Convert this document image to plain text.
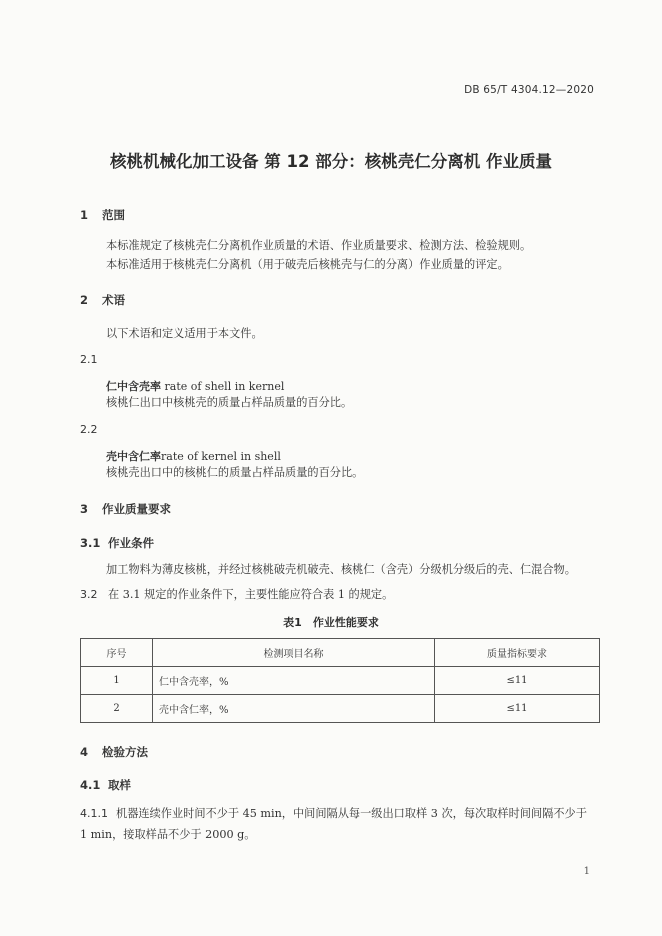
DB 65/T 4304.12—2020
核桃机械化加工设备 第 12 部分：核桃壳仁分离机 作业质量
1 范围
本标准规定了核桃壳仁分离机作业质量的术语、作业质量要求、检测方法、检验规则。
本标准适用于核桃壳仁分离机（用于破壳后核桃壳与仁的分离）作业质量的评定。
2 术语
以下术语和定义适用于本文件。
2.1
仁中含壳率 rate of shell in kernel
核桃仁出口中核桃壳的质量占样品质量的百分比。
2.2
壳中含仁率rate of kernel in shell
核桃壳出口中的核桃仁的质量占样品质量的百分比。
3 作业质量要求
3.1 作业条件
加工物料为薄皮核桃，并经过核桃破壳机破壳、核桃仁（含壳）分级机分级后的壳、仁混合物。
3.2 在 3.1 规定的作业条件下，主要性能应符合表 1 的规定。
表1　作业性能要求
序号	检测项目名称	质量指标要求
1	仁中含壳率，%	≤11
2	壳中含仁率，%	≤11
4 检验方法
4.1 取样
4.1.1 机器连续作业时间不少于 45 min，中间间隔从每一级出口取样 3 次，每次取样时间间隔不少于
1 min，接取样品不少于 2000 g。
1
